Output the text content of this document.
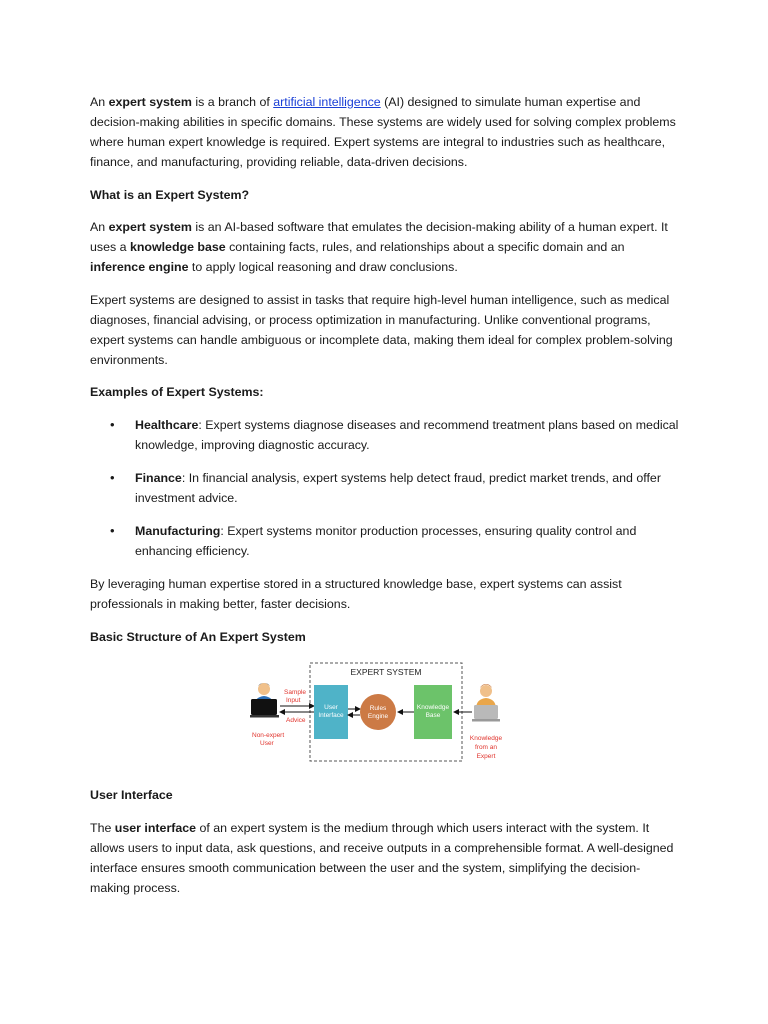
An expert system is a branch of artificial intelligence (AI) designed to simulate human expertise and decision-making abilities in specific domains. These systems are widely used for solving complex problems where human expert knowledge is required. Expert systems are integral to industries such as healthcare, finance, and manufacturing, providing reliable, data-driven decisions.

What is an Expert System?

An expert system is an AI-based software that emulates the decision-making ability of a human expert. It uses a knowledge base containing facts, rules, and relationships about a specific domain and an inference engine to apply logical reasoning and draw conclusions.

Expert systems are designed to assist in tasks that require high-level human intelligence, such as medical diagnoses, financial advising, or process optimization in manufacturing. Unlike conventional programs, expert systems can handle ambiguous or incomplete data, making them ideal for complex problem-solving environments.

Examples of Expert Systems:

• Healthcare: Expert systems diagnose diseases and recommend treatment plans based on medical knowledge, improving diagnostic accuracy.
• Finance: In financial analysis, expert systems help detect fraud, predict market trends, and offer investment advice.
• Manufacturing: Expert systems monitor production processes, ensuring quality control and enhancing efficiency.

By leveraging human expertise stored in a structured knowledge base, expert systems can assist professionals in making better, faster decisions.

Basic Structure of An Expert System

EXPERT SYSTEM
Sample
Input
Advice
Non-expert
User
User
Interface
Rules
Engine
Knowledge
Base
Knowledge
from an
Expert

User Interface

The user interface of an expert system is the medium through which users interact with the system. It allows users to input data, ask questions, and receive outputs in a comprehensible format. A well-designed interface ensures smooth communication between the user and the system, simplifying the decision-making process.
